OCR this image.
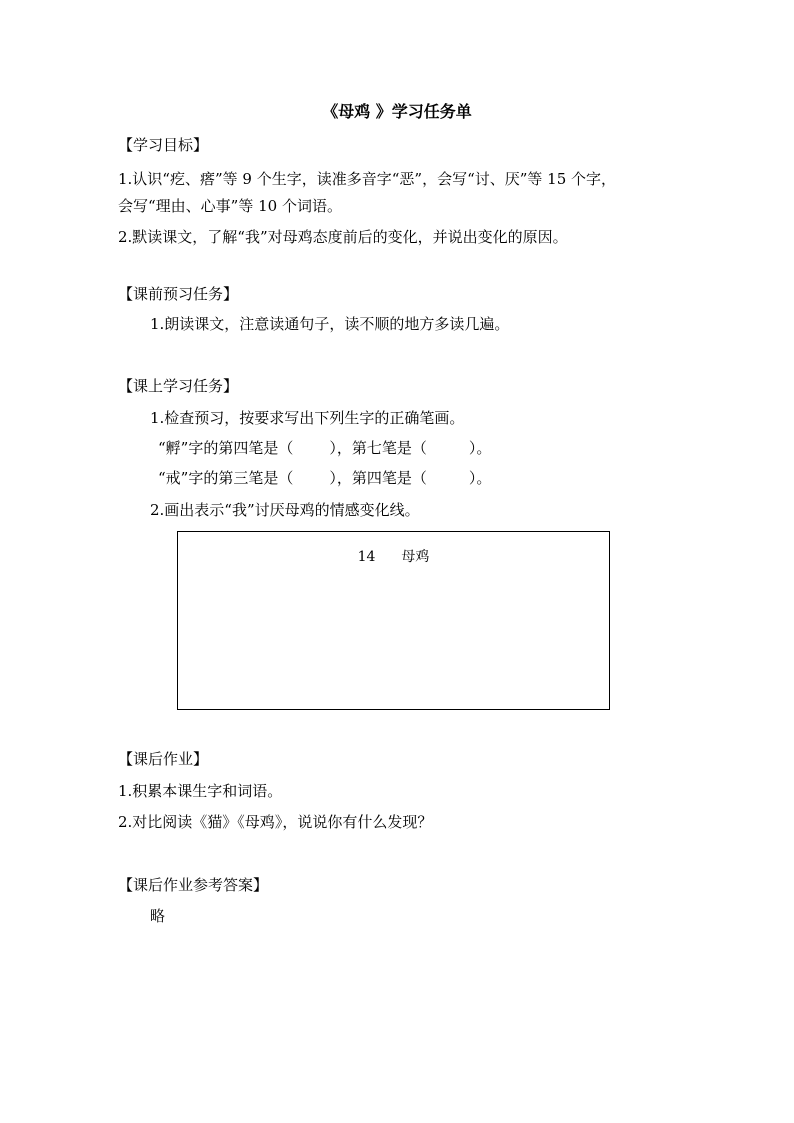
《母鸡 》学习任务单
【学习目标】
1.认识“疙、瘩”等 9 个生字，读准多音字“恶”，会写“讨、厌”等 15 个字，
会写“理由、心事”等 10 个词语。
2.默读课文，了解“我”对母鸡态度前后的变化，并说出变化的原因。
【课前预习任务】
1.朗读课文，注意读通句子，读不顺的地方多读几遍。
【课上学习任务】
1.检查预习，按要求写出下列生字的正确笔画。
“孵”字的第四笔是（ ），第七笔是（	）。
“戒”字的第三笔是（ ），第四笔是（	）。
2.画出表示“我”讨厌母鸡的情感变化线。
14 母鸡
【课后作业】
1.积累本课生字和词语。
2.对比阅读《猫》《母鸡》，说说你有什么发现？
【课后作业参考答案】
略
